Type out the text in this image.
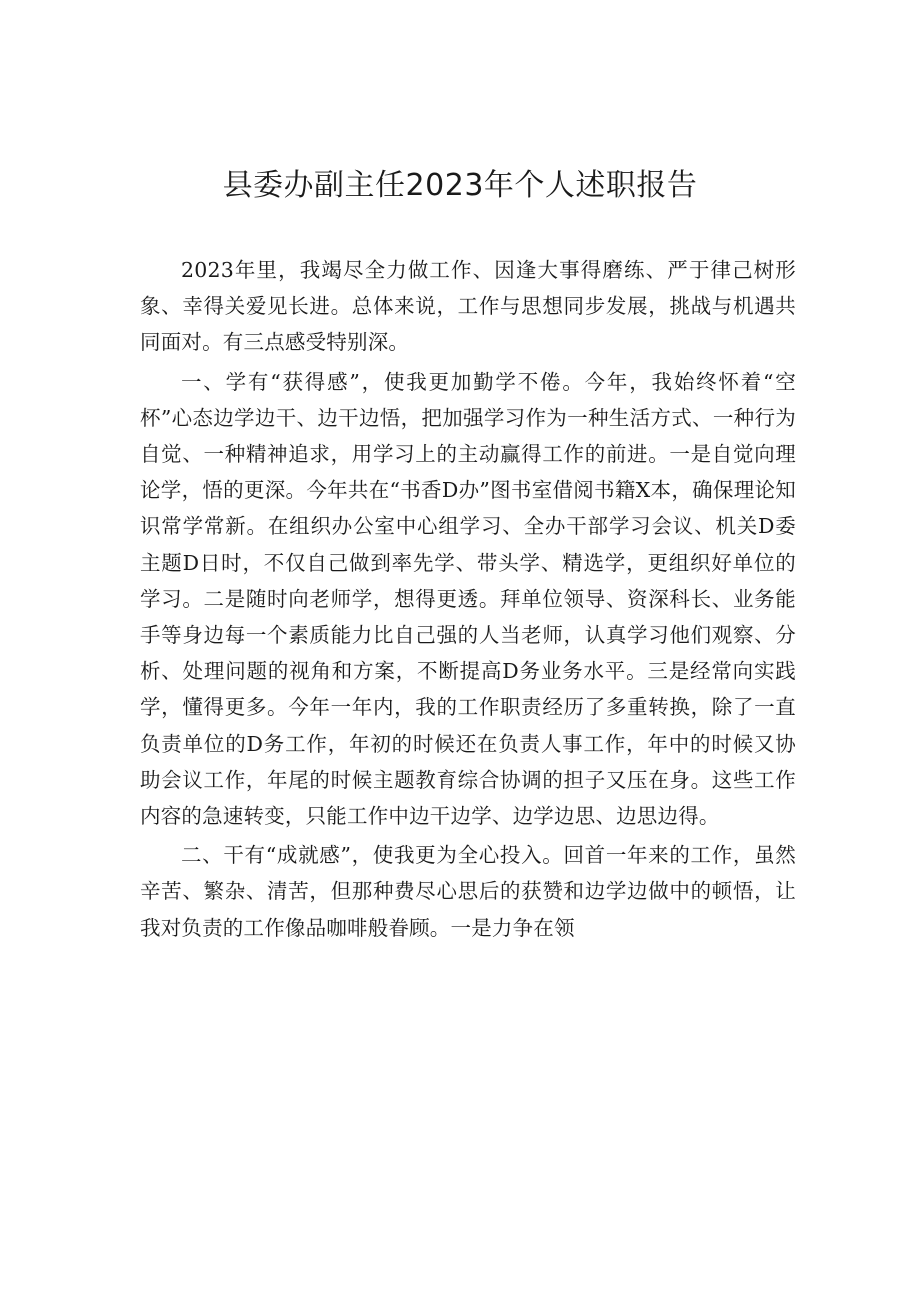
县委办副主任2023年个人述职报告

2023年里，我竭尽全力做工作、因逢大事得磨练、严于律己树形象、幸得关爱见长进。总体来说，工作与思想同步发展，挑战与机遇共同面对。有三点感受特别深。

一、学有“获得感”，使我更加勤学不倦。今年，我始终怀着“空杯”心态边学边干、边干边悟，把加强学习作为一种生活方式、一种行为自觉、一种精神追求，用学习上的主动赢得工作的前进。一是自觉向理论学，悟的更深。今年共在“书香D办”图书室借阅书籍X本，确保理论知识常学常新。在组织办公室中心组学习、全办干部学习会议、机关D委主题D日时，不仅自己做到率先学、带头学、精选学，更组织好单位的学习。二是随时向老师学，想得更透。拜单位领导、资深科长、业务能手等身边每一个素质能力比自己强的人当老师，认真学习他们观察、分析、处理问题的视角和方案，不断提高D务业务水平。三是经常向实践学，懂得更多。今年一年内，我的工作职责经历了多重转换，除了一直负责单位的D务工作，年初的时候还在负责人事工作，年中的时候又协助会议工作，年尾的时候主题教育综合协调的担子又压在身。这些工作内容的急速转变，只能工作中边干边学、边学边思、边思边得。

二、干有“成就感”，使我更为全心投入。回首一年来的工作，虽然辛苦、繁杂、清苦，但那种费尽心思后的获赞和边学边做中的顿悟，让我对负责的工作像品咖啡般眷顾。一是力争在领
